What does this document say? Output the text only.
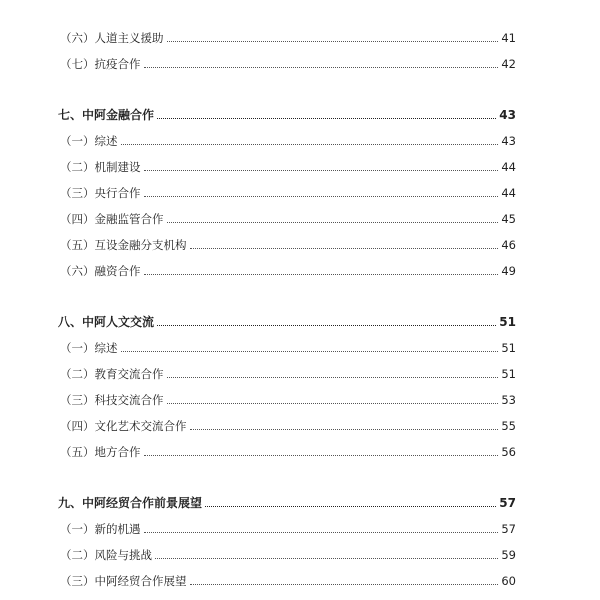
（六）人道主义援助	41
（七）抗疫合作	42
七、中阿金融合作	43
（一）综述	43
（二）机制建设	44
（三）央行合作	44
（四）金融监管合作	45
（五）互设金融分支机构	46
（六）融资合作	49
八、中阿人文交流	51
（一）综述	51
（二）教育交流合作	51
（三）科技交流合作	53
（四）文化艺术交流合作	55
（五）地方合作	56
九、中阿经贸合作前景展望	57
（一）新的机遇	57
（二）风险与挑战	59
（三）中阿经贸合作展望	60
